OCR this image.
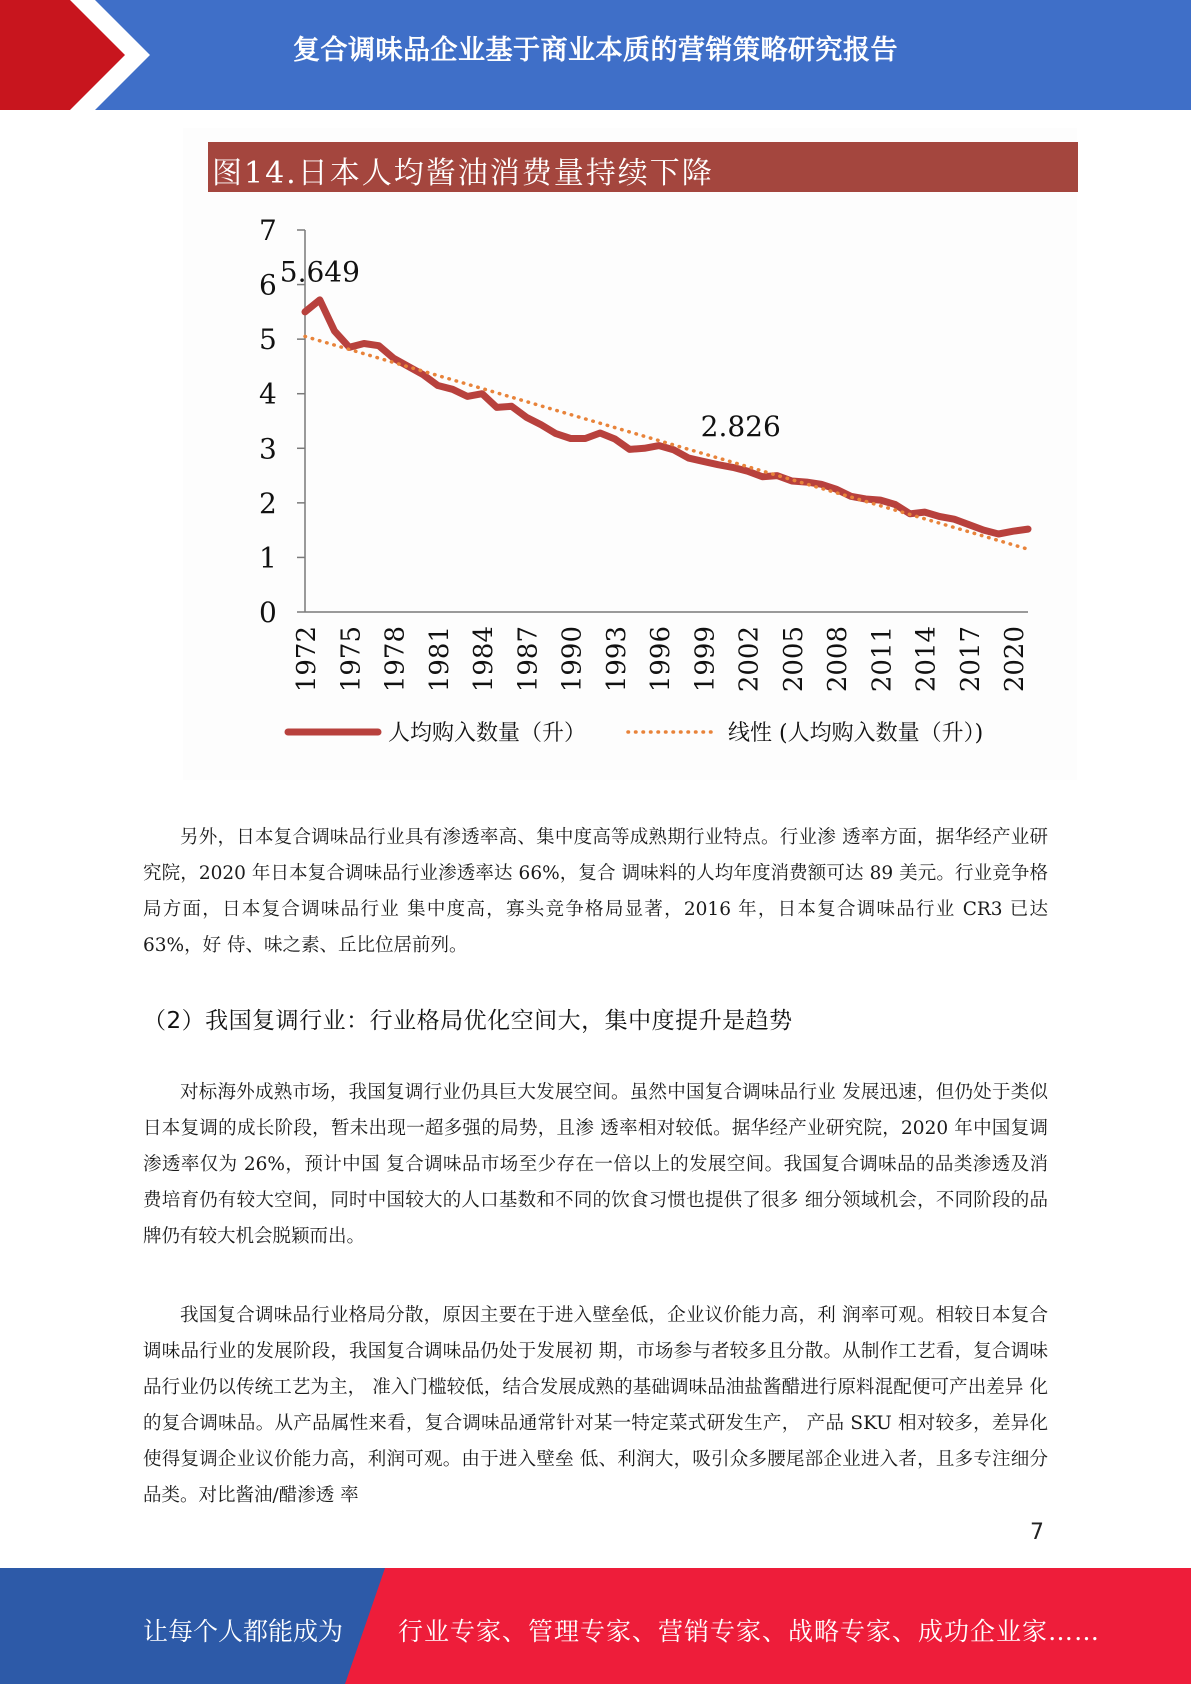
复合调味品企业基于商业本质的营销策略研究报告
图14.日本人均酱油消费量持续下降
0
1
2
3
4
5
6
7
1972 1975 1978 1981 1984 1987 1990 1993 1996 1999 2002 2005 2008 2011 2014 2017 2020
5.649
2.826
人均购入数量（升）	线性 (人均购入数量（升）)
另外，日本复合调味品行业具有渗透率高、集中度高等成熟期行业特点。行业渗 透率方面，据华经产业研究院，2020 年日本复合调味品行业渗透率达 66%，复合 调味料的人均年度消费额可达 89 美元。行业竞争格局方面，日本复合调味品行业 集中度高，寡头竞争格局显著，2016 年，日本复合调味品行业 CR3 已达 63%，好 侍、味之素、丘比位居前列。
（2）我国复调行业：行业格局优化空间大，集中度提升是趋势
对标海外成熟市场，我国复调行业仍具巨大发展空间。虽然中国复合调味品行业 发展迅速，但仍处于类似日本复调的成长阶段，暂未出现一超多强的局势，且渗 透率相对较低。据华经产业研究院，2020 年中国复调渗透率仅为 26%，预计中国 复合调味品市场至少存在一倍以上的发展空间。我国复合调味品的品类渗透及消 费培育仍有较大空间，同时中国较大的人口基数和不同的饮食习惯也提供了很多 细分领域机会，不同阶段的品牌仍有较大机会脱颖而出。
我国复合调味品行业格局分散，原因主要在于进入壁垒低，企业议价能力高，利 润率可观。相较日本复合调味品行业的发展阶段，我国复合调味品仍处于发展初 期，市场参与者较多且分散。从制作工艺看，复合调味品行业仍以传统工艺为主， 准入门槛较低，结合发展成熟的基础调味品油盐酱醋进行原料混配便可产出差异 化的复合调味品。从产品属性来看，复合调味品通常针对某一特定菜式研发生产， 产品 SKU 相对较多，差异化使得复调企业议价能力高，利润可观。由于进入壁垒 低、利润大，吸引众多腰尾部企业进入者，且多专注细分品类。对比酱油/醋渗透 率
7
让每个人都能成为 行业专家、管理专家、营销专家、战略专家、成功企业家……
